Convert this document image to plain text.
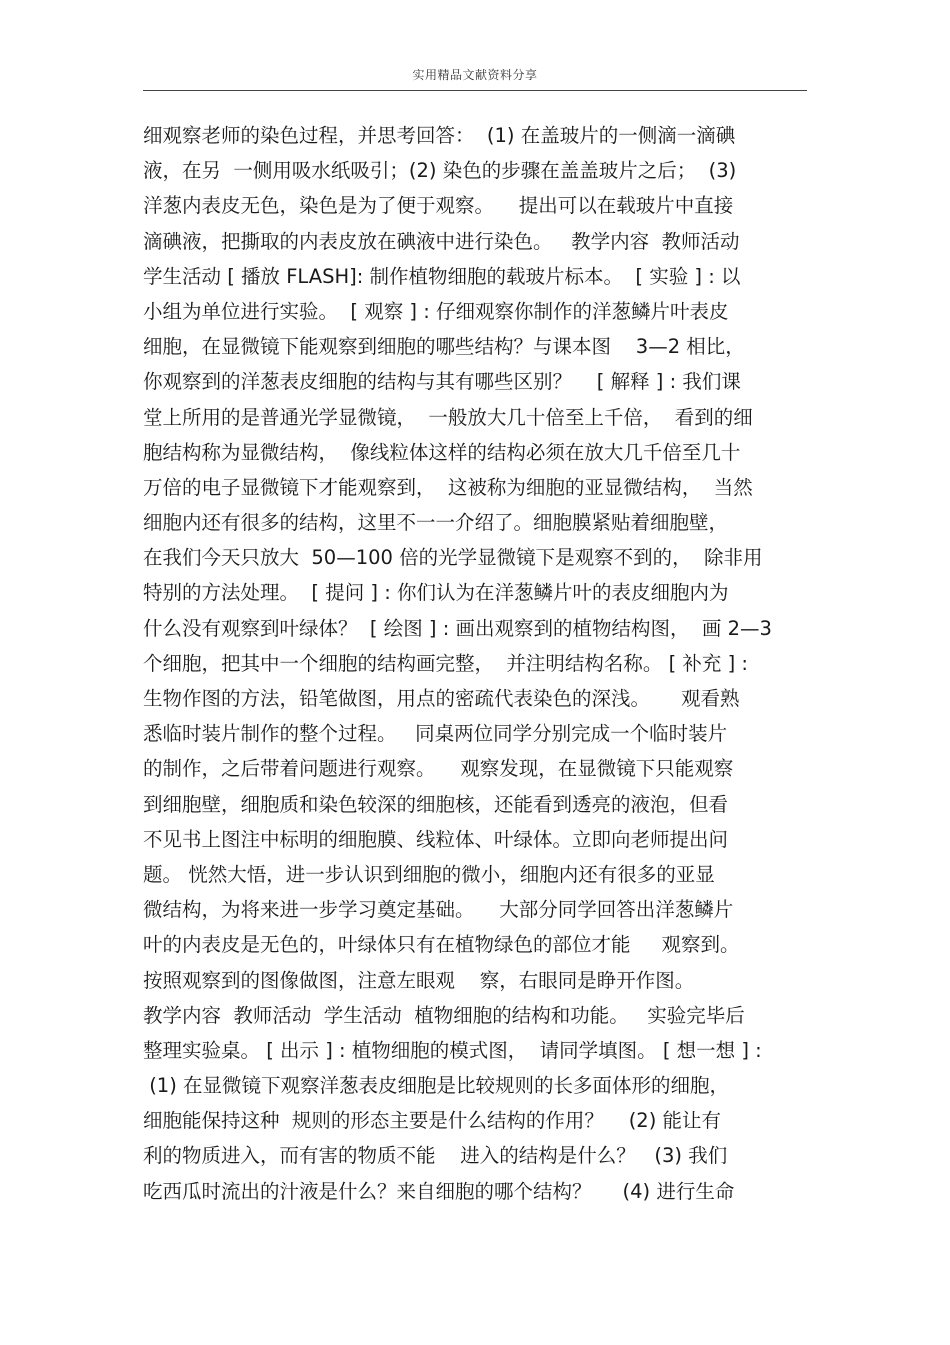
实用精品文献资料分享
细观察老师的染色过程，并思考回答：  (1) 在盖玻片的一侧滴一滴碘
液，在另  一侧用吸水纸吸引；(2) 染色的步骤在盖盖玻片之后；  (3)
洋葱内表皮无色，染色是为了便于观察。    提出可以在载玻片中直接
滴碘液，把撕取的内表皮放在碘液中进行染色。   教学内容  教师活动
学生活动 [ 播放 FLASH]: 制作植物细胞的载玻片标本。  [ 实验 ] : 以
小组为单位进行实验。  [ 观察 ] : 仔细观察你制作的洋葱鳞片叶表皮
细胞，在显微镜下能观察到细胞的哪些结构？与课本图    3—2 相比，
你观察到的洋葱表皮细胞的结构与其有哪些区别？    [ 解释 ] : 我们课
堂上所用的是普通光学显微镜，  一般放大几十倍至上千倍，  看到的细
胞结构称为显微结构，  像线粒体这样的结构必须在放大几千倍至几十
万倍的电子显微镜下才能观察到，  这被称为细胞的亚显微结构，  当然
细胞内还有很多的结构，这里不一一介绍了。细胞膜紧贴着细胞壁，
在我们今天只放大  50—100 倍的光学显微镜下是观察不到的，  除非用
特别的方法处理。  [ 提问 ] : 你们认为在洋葱鳞片叶的表皮细胞内为
什么没有观察到叶绿体？  [ 绘图 ] : 画出观察到的植物结构图，  画 2—3
个细胞，把其中一个细胞的结构画完整，  并注明结构名称。 [ 补充 ] :
生物作图的方法，铅笔做图，用点的密疏代表染色的深浅。     观看熟
悉临时装片制作的整个过程。   同桌两位同学分别完成一个临时装片
的制作，之后带着问题进行观察。    观察发现，在显微镜下只能观察
到细胞壁，细胞质和染色较深的细胞核，还能看到透亮的液泡，但看
不见书上图注中标明的细胞膜、线粒体、叶绿体。立即向老师提出问
题。 恍然大悟，进一步认识到细胞的微小，细胞内还有很多的亚显
微结构，为将来进一步学习奠定基础。    大部分同学回答出洋葱鳞片
叶的内表皮是无色的，叶绿体只有在植物绿色的部位才能     观察到。
按照观察到的图像做图，注意左眼观    察，右眼同是睁开作图。
教学内容  教师活动  学生活动  植物细胞的结构和功能。   实验完毕后
整理实验桌。 [ 出示 ] : 植物细胞的模式图，  请同学填图。 [ 想一想 ] :
(1) 在显微镜下观察洋葱表皮细胞是比较规则的长多面体形的细胞，
细胞能保持这种  规则的形态主要是什么结构的作用？    (2) 能让有
利的物质进入，而有害的物质不能    进入的结构是什么？   (3) 我们
吃西瓜时流出的汁液是什么？来自细胞的哪个结构？     (4) 进行生命
